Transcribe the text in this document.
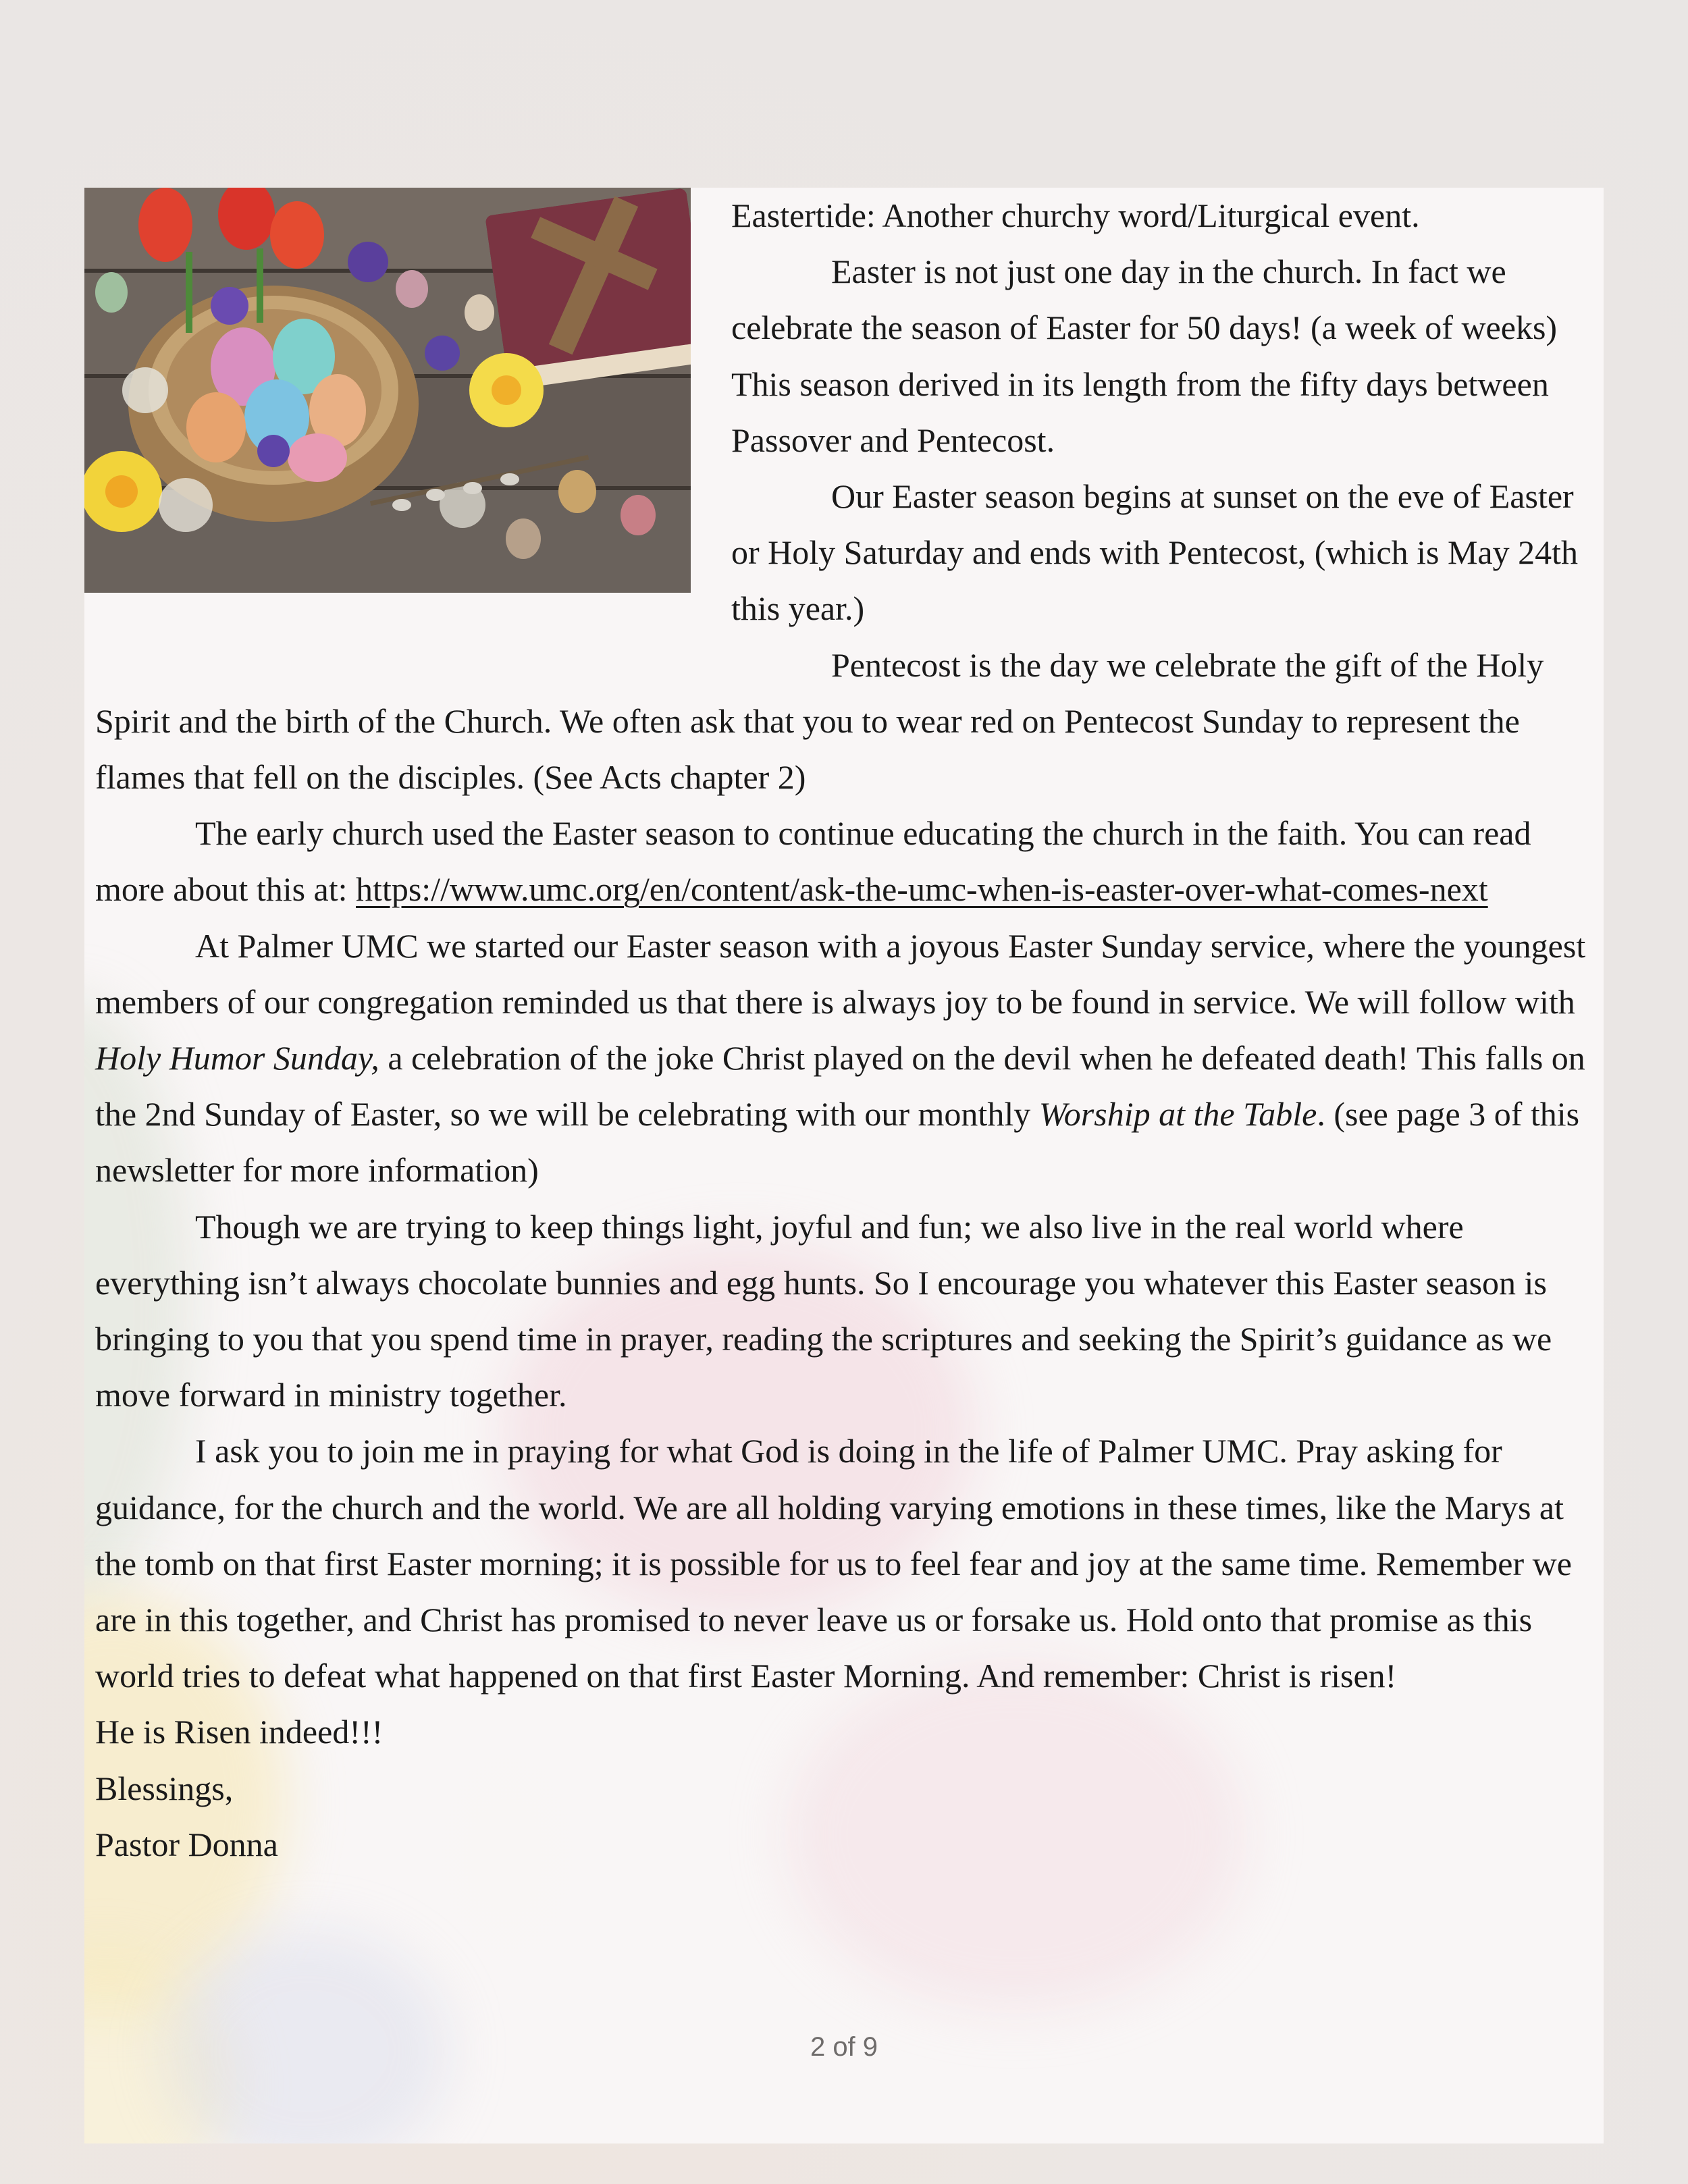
Eastertide: Another churchy word/Liturgical event.

Easter is not just one day in the church. In fact we celebrate the season of Easter for 50 days! (a week of weeks) This season derived in its length from the fifty days between Passover and Pentecost.

Our Easter season begins at sunset on the eve of Easter or Holy Saturday and ends with Pentecost, (which is May 24th this year.)

Pentecost is the day we celebrate the gift of the Holy Spirit and the birth of the Church. We often ask that you to wear red on Pentecost Sunday to represent the flames that fell on the disciples. (See Acts chapter 2)

The early church used the Easter season to continue educating the church in the faith. You can read more about this at: https://www.umc.org/en/content/ask-the-umc-when-is-easter-over-what-comes-next

At Palmer UMC we started our Easter season with a joyous Easter Sunday service, where the youngest members of our congregation reminded us that there is always joy to be found in service. We will follow with Holy Humor Sunday, a celebration of the joke Christ played on the devil when he defeated death! This falls on the 2nd Sunday of Easter, so we will be celebrating with our monthly Worship at the Table. (see page 3 of this newsletter for more information)

Though we are trying to keep things light, joyful and fun; we also live in the real world where everything isn’t always chocolate bunnies and egg hunts. So I encourage you whatever this Easter season is bringing to you that you spend time in prayer, reading the scriptures and seeking the Spirit’s guidance as we move forward in ministry together.

I ask you to join me in praying for what God is doing in the life of Palmer UMC. Pray asking for guidance, for the church and the world. We are all holding varying emotions in these times, like the Marys at the tomb on that first Easter morning; it is possible for us to feel fear and joy at the same time. Remember we are in this together, and Christ has promised to never leave us or forsake us. Hold onto that promise as this world tries to defeat what happened on that first Easter Morning. And remember: Christ is risen!

He is Risen indeed!!!

Blessings,

Pastor Donna

2 of 9
